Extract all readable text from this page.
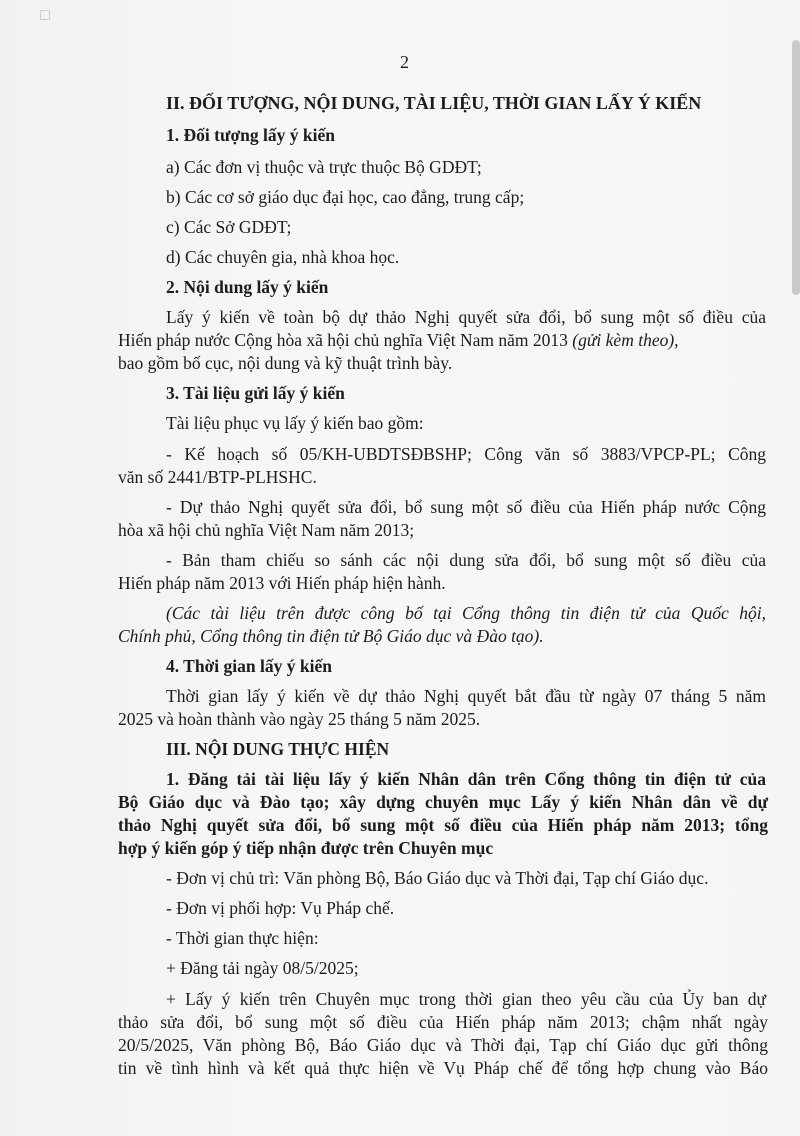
2
II. ĐỐI TƯỢNG, NỘI DUNG, TÀI LIỆU, THỜI GIAN LẤY Ý KIẾN
1. Đối tượng lấy ý kiến
a) Các đơn vị thuộc và trực thuộc Bộ GDĐT;
b) Các cơ sở giáo dục đại học, cao đẳng, trung cấp;
c) Các Sở GDĐT;
d) Các chuyên gia, nhà khoa học.
2. Nội dung lấy ý kiến
Lấy ý kiến về toàn bộ dự thảo Nghị quyết sửa đổi, bổ sung một số điều của
Hiến pháp nước Cộng hòa xã hội chủ nghĩa Việt Nam năm 2013 (gửi kèm theo),
bao gồm bố cục, nội dung và kỹ thuật trình bày.
3. Tài liệu gửi lấy ý kiến
Tài liệu phục vụ lấy ý kiến bao gồm:
- Kế hoạch số 05/KH-UBDTSĐBSHP; Công văn số 3883/VPCP-PL; Công
văn số 2441/BTP-PLHSHC.
- Dự thảo Nghị quyết sửa đổi, bổ sung một số điều của Hiến pháp nước Cộng
hòa xã hội chủ nghĩa Việt Nam năm 2013;
- Bản tham chiếu so sánh các nội dung sửa đổi, bổ sung một số điều của
Hiến pháp năm 2013 với Hiến pháp hiện hành.
(Các tài liệu trên được công bố tại Cổng thông tin điện tử của Quốc hội,
Chính phủ, Cổng thông tin điện tử Bộ Giáo dục và Đào tạo).
4. Thời gian lấy ý kiến
Thời gian lấy ý kiến về dự thảo Nghị quyết bắt đầu từ ngày 07 tháng 5 năm
2025 và hoàn thành vào ngày 25 tháng 5 năm 2025.
III. NỘI DUNG THỰC HIỆN
1. Đăng tải tài liệu lấy ý kiến Nhân dân trên Cổng thông tin điện tử của
Bộ Giáo dục và Đào tạo; xây dựng chuyên mục Lấy ý kiến Nhân dân về dự
thảo Nghị quyết sửa đổi, bổ sung một số điều của Hiến pháp năm 2013; tổng
hợp ý kiến góp ý tiếp nhận được trên Chuyên mục
- Đơn vị chủ trì: Văn phòng Bộ, Báo Giáo dục và Thời đại, Tạp chí Giáo dục.
- Đơn vị phối hợp: Vụ Pháp chế.
- Thời gian thực hiện:
+ Đăng tải ngày 08/5/2025;
+ Lấy ý kiến trên Chuyên mục trong thời gian theo yêu cầu của Ủy ban dự
thảo sửa đổi, bổ sung một số điều của Hiến pháp năm 2013; chậm nhất ngày
20/5/2025, Văn phòng Bộ, Báo Giáo dục và Thời đại, Tạp chí Giáo dục gửi thông
tin về tình hình và kết quả thực hiện về Vụ Pháp chế để tổng hợp chung vào Báo
